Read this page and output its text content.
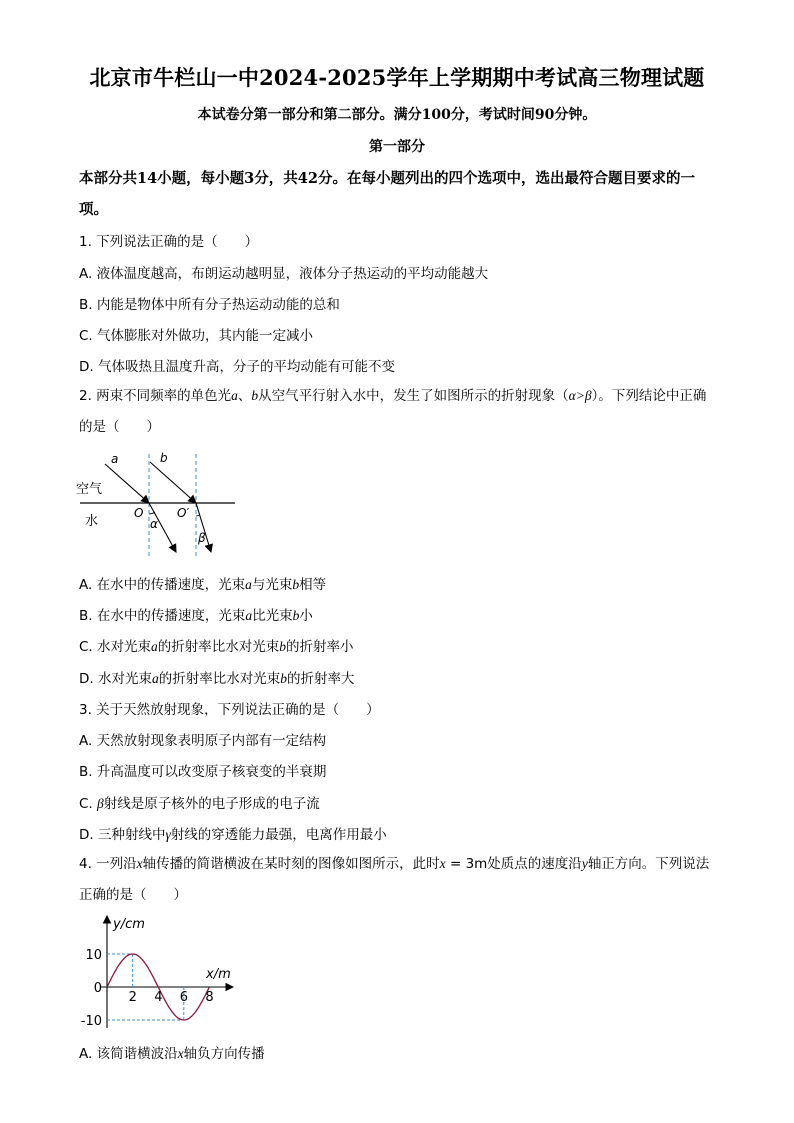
北京市牛栏山一中2024-2025学年上学期期中考试高三物理试题
本试卷分第一部分和第二部分。满分100分，考试时间90分钟。
第一部分
本部分共14小题，每小题3分，共42分。在每小题列出的四个选项中，选出最符合题目要求的一项。
1. 下列说法正确的是（　　）
A. 液体温度越高，布朗运动越明显，液体分子热运动的平均动能越大
B. 内能是物体中所有分子热运动动能的总和
C. 气体膨胀对外做功，其内能一定减小
D. 气体吸热且温度升高，分子的平均动能有可能不变
2. 两束不同频率的单色光a、b从空气平行射入水中，发生了如图所示的折射现象（α>β）。下列结论中正确的是（　　）
a	b
空气
水
O	O′
α
β
A. 在水中的传播速度，光束a与光束b相等
B. 在水中的传播速度，光束a比光束b小
C. 水对光束a的折射率比水对光束b的折射率小
D. 水对光束a的折射率比水对光束b的折射率大
3. 关于天然放射现象，下列说法正确的是（　　）
A. 天然放射现象表明原子内部有一定结构
B. 升高温度可以改变原子核衰变的半衰期
C. β射线是原子核外的电子形成的电子流
D. 三种射线中γ射线的穿透能力最强，电离作用最小
4. 一列沿x轴传播的简谐横波在某时刻的图像如图所示，此时x = 3m处质点的速度沿y轴正方向。下列说法正确的是（　　）
2 4 6 8
10
0
-10
y/cm
x/m
A. 该简谐横波沿x轴负方向传播
